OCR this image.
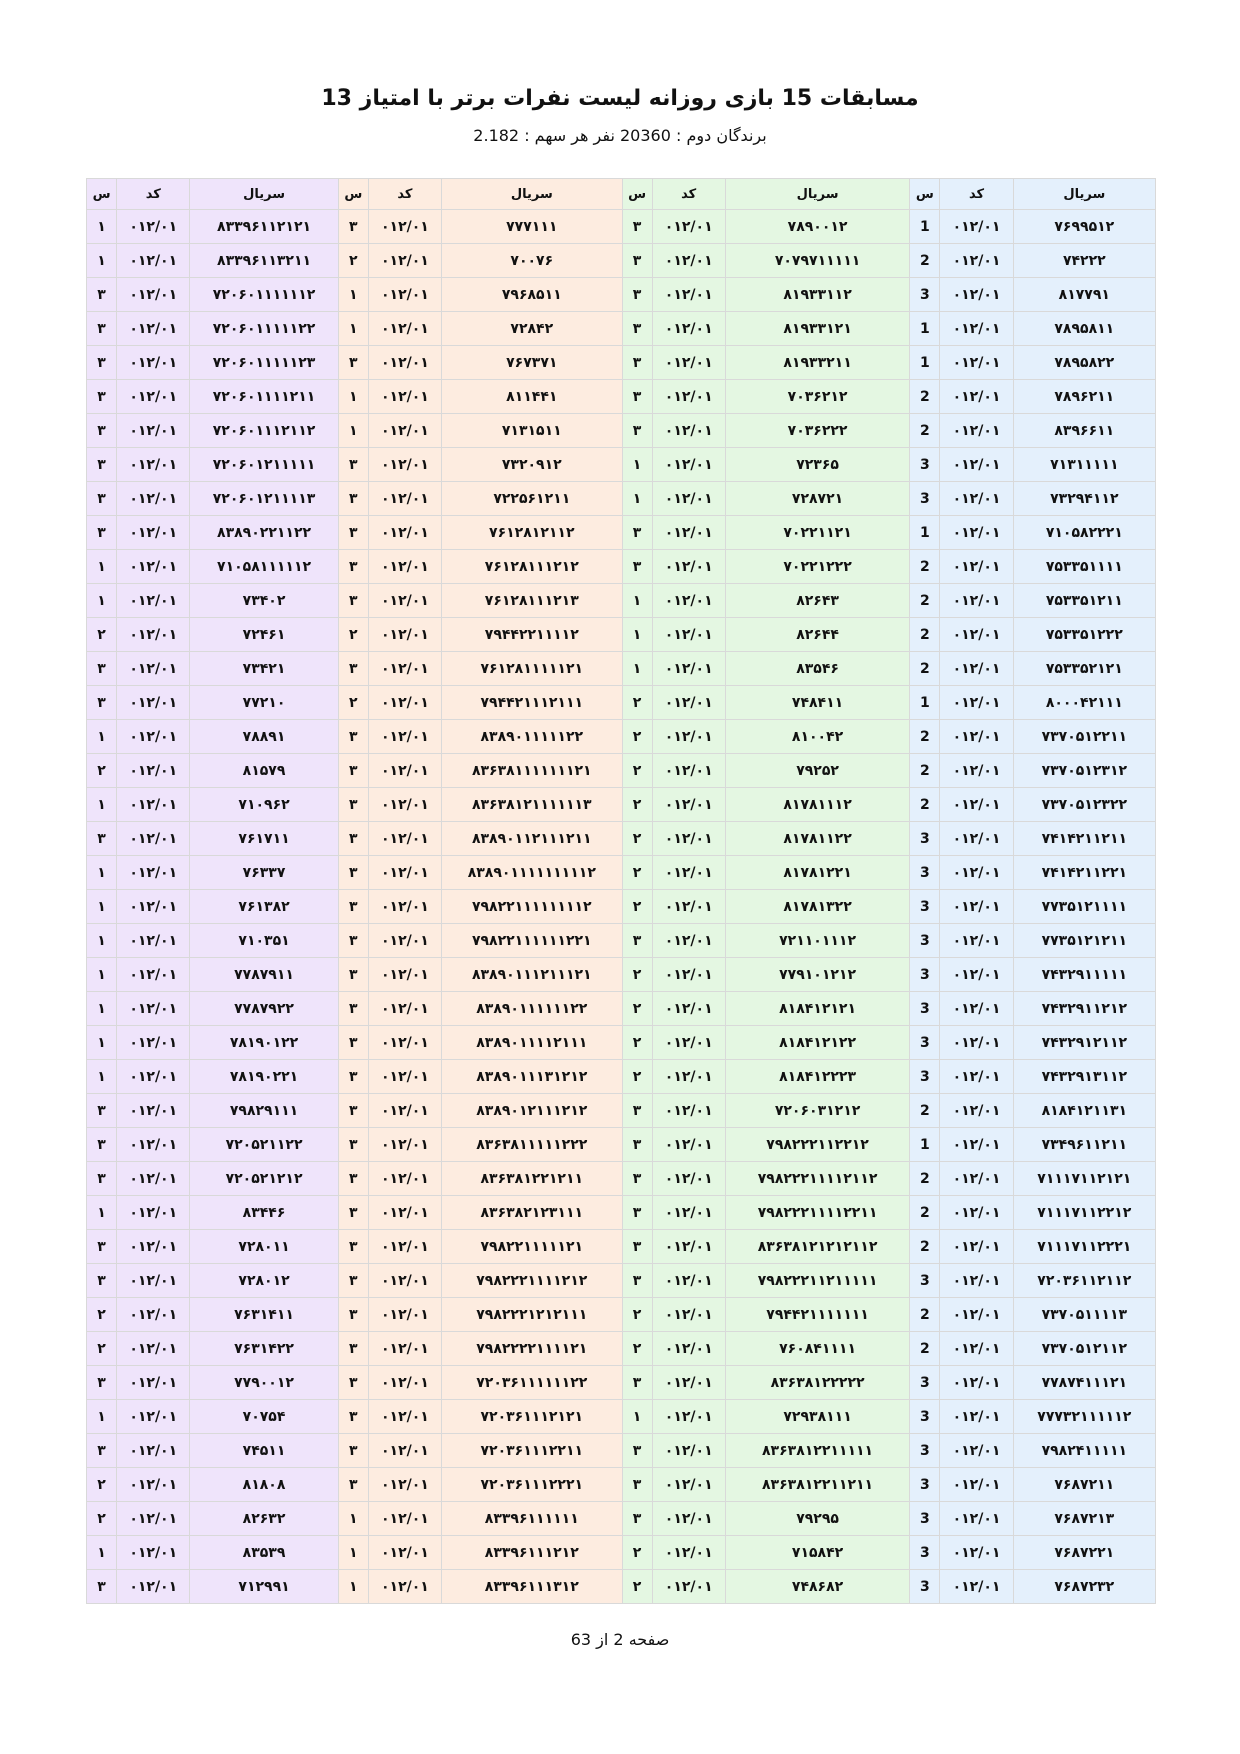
مسابقات 15 بازی روزانه لیست نفرات برتر با امتیاز 13
برندگان دوم : 20360 نفر هر سهم : 2.182
سریال	کد	س	سریال	کد	س	سریال	کد	س	سریال	کد	س
۷۶۹۹۵۱۲	۰۱۲/۰۱	1	۷۸۹۰۰۱۲	۰۱۲/۰۱	۳	۷۷۷۱۱۱	۰۱۲/۰۱	۳	۸۳۳۹۶۱۱۲۱۲۱	۰۱۲/۰۱	۱
۷۴۲۲۲	۰۱۲/۰۱	2	۷۰۷۹۷۱۱۱۱۱	۰۱۲/۰۱	۳	۷۰۰۷۶	۰۱۲/۰۱	۲	۸۳۳۹۶۱۱۳۲۱۱	۰۱۲/۰۱	۱
۸۱۷۷۹۱	۰۱۲/۰۱	3	۸۱۹۳۳۱۱۲	۰۱۲/۰۱	۳	۷۹۶۸۵۱۱	۰۱۲/۰۱	۱	۷۲۰۶۰۱۱۱۱۱۱۲	۰۱۲/۰۱	۳
۷۸۹۵۸۱۱	۰۱۲/۰۱	1	۸۱۹۳۳۱۲۱	۰۱۲/۰۱	۳	۷۲۸۴۲	۰۱۲/۰۱	۱	۷۲۰۶۰۱۱۱۱۱۲۲	۰۱۲/۰۱	۳
۷۸۹۵۸۲۲	۰۱۲/۰۱	1	۸۱۹۳۳۲۱۱	۰۱۲/۰۱	۳	۷۶۷۳۷۱	۰۱۲/۰۱	۳	۷۲۰۶۰۱۱۱۱۱۲۳	۰۱۲/۰۱	۳
۷۸۹۶۲۱۱	۰۱۲/۰۱	2	۷۰۳۶۲۱۲	۰۱۲/۰۱	۳	۸۱۱۴۴۱	۰۱۲/۰۱	۱	۷۲۰۶۰۱۱۱۱۲۱۱	۰۱۲/۰۱	۳
۸۳۹۶۶۱۱	۰۱۲/۰۱	2	۷۰۳۶۲۲۲	۰۱۲/۰۱	۳	۷۱۳۱۵۱۱	۰۱۲/۰۱	۱	۷۲۰۶۰۱۱۱۲۱۱۲	۰۱۲/۰۱	۳
۷۱۳۱۱۱۱۱	۰۱۲/۰۱	3	۷۲۳۶۵	۰۱۲/۰۱	۱	۷۳۲۰۹۱۲	۰۱۲/۰۱	۳	۷۲۰۶۰۱۲۱۱۱۱۱	۰۱۲/۰۱	۳
۷۳۲۹۴۱۱۲	۰۱۲/۰۱	3	۷۲۸۷۲۱	۰۱۲/۰۱	۱	۷۲۲۵۶۱۲۱۱	۰۱۲/۰۱	۳	۷۲۰۶۰۱۲۱۱۱۱۳	۰۱۲/۰۱	۳
۷۱۰۵۸۲۲۲۱	۰۱۲/۰۱	1	۷۰۲۲۱۱۲۱	۰۱۲/۰۱	۳	۷۶۱۲۸۱۲۱۱۲	۰۱۲/۰۱	۳	۸۳۸۹۰۲۲۱۱۲۲	۰۱۲/۰۱	۳
۷۵۳۳۵۱۱۱۱	۰۱۲/۰۱	2	۷۰۲۲۱۲۲۲	۰۱۲/۰۱	۳	۷۶۱۲۸۱۱۱۲۱۲	۰۱۲/۰۱	۳	۷۱۰۵۸۱۱۱۱۱۲	۰۱۲/۰۱	۱
۷۵۳۳۵۱۲۱۱	۰۱۲/۰۱	2	۸۲۶۴۳	۰۱۲/۰۱	۱	۷۶۱۲۸۱۱۱۲۱۳	۰۱۲/۰۱	۳	۷۳۴۰۲	۰۱۲/۰۱	۱
۷۵۳۳۵۱۲۲۲	۰۱۲/۰۱	2	۸۲۶۴۴	۰۱۲/۰۱	۱	۷۹۴۴۲۲۱۱۱۱۲	۰۱۲/۰۱	۲	۷۲۴۶۱	۰۱۲/۰۱	۲
۷۵۳۳۵۲۱۲۱	۰۱۲/۰۱	2	۸۳۵۴۶	۰۱۲/۰۱	۱	۷۶۱۲۸۱۱۱۱۱۲۱	۰۱۲/۰۱	۳	۷۳۴۲۱	۰۱۲/۰۱	۳
۸۰۰۰۴۲۱۱۱	۰۱۲/۰۱	1	۷۴۸۴۱۱	۰۱۲/۰۱	۲	۷۹۴۴۲۱۱۱۲۱۱۱	۰۱۲/۰۱	۲	۷۷۲۱۰	۰۱۲/۰۱	۳
۷۳۷۰۵۱۲۲۱۱	۰۱۲/۰۱	2	۸۱۰۰۴۲	۰۱۲/۰۱	۲	۸۳۸۹۰۱۱۱۱۱۲۲	۰۱۲/۰۱	۳	۷۸۸۹۱	۰۱۲/۰۱	۱
۷۳۷۰۵۱۲۳۱۲	۰۱۲/۰۱	2	۷۹۲۵۲	۰۱۲/۰۱	۲	۸۳۶۳۸۱۱۱۱۱۱۱۲۱	۰۱۲/۰۱	۳	۸۱۵۷۹	۰۱۲/۰۱	۲
۷۳۷۰۵۱۲۳۲۲	۰۱۲/۰۱	2	۸۱۷۸۱۱۱۲	۰۱۲/۰۱	۲	۸۳۶۳۸۱۲۱۱۱۱۱۱۳	۰۱۲/۰۱	۳	۷۱۰۹۶۲	۰۱۲/۰۱	۱
۷۴۱۴۲۱۱۲۱۱	۰۱۲/۰۱	3	۸۱۷۸۱۱۲۲	۰۱۲/۰۱	۲	۸۳۸۹۰۱۱۲۱۱۱۲۱۱	۰۱۲/۰۱	۳	۷۶۱۷۱۱	۰۱۲/۰۱	۳
۷۴۱۴۲۱۱۲۲۱	۰۱۲/۰۱	3	۸۱۷۸۱۲۲۱	۰۱۲/۰۱	۲	۸۳۸۹۰۱۱۱۱۱۱۱۱۱۲	۰۱۲/۰۱	۳	۷۶۳۳۷	۰۱۲/۰۱	۱
۷۷۳۵۱۲۱۱۱۱	۰۱۲/۰۱	3	۸۱۷۸۱۳۲۲	۰۱۲/۰۱	۲	۷۹۸۲۲۱۱۱۱۱۱۱۱۲	۰۱۲/۰۱	۳	۷۶۱۳۸۲	۰۱۲/۰۱	۱
۷۷۳۵۱۲۱۲۱۱	۰۱۲/۰۱	3	۷۲۱۱۰۱۱۱۲	۰۱۲/۰۱	۳	۷۹۸۲۲۱۱۱۱۱۱۲۲۱	۰۱۲/۰۱	۳	۷۱۰۳۵۱	۰۱۲/۰۱	۱
۷۴۳۲۹۱۱۱۱۱	۰۱۲/۰۱	3	۷۷۹۱۰۱۲۱۲	۰۱۲/۰۱	۲	۸۳۸۹۰۱۱۱۲۱۱۱۲۱	۰۱۲/۰۱	۳	۷۷۸۷۹۱۱	۰۱۲/۰۱	۱
۷۴۳۲۹۱۱۲۱۲	۰۱۲/۰۱	3	۸۱۸۴۱۲۱۲۱	۰۱۲/۰۱	۲	۸۳۸۹۰۱۱۱۱۱۱۲۲	۰۱۲/۰۱	۳	۷۷۸۷۹۲۲	۰۱۲/۰۱	۱
۷۴۳۲۹۱۲۱۱۲	۰۱۲/۰۱	3	۸۱۸۴۱۲۱۲۲	۰۱۲/۰۱	۲	۸۳۸۹۰۱۱۱۱۲۱۱۱	۰۱۲/۰۱	۳	۷۸۱۹۰۱۲۲	۰۱۲/۰۱	۱
۷۴۳۲۹۱۳۱۱۲	۰۱۲/۰۱	3	۸۱۸۴۱۲۲۲۳	۰۱۲/۰۱	۲	۸۳۸۹۰۱۱۱۳۱۲۱۲	۰۱۲/۰۱	۳	۷۸۱۹۰۲۲۱	۰۱۲/۰۱	۱
۸۱۸۴۱۲۱۱۳۱	۰۱۲/۰۱	2	۷۲۰۶۰۳۱۲۱۲	۰۱۲/۰۱	۳	۸۳۸۹۰۱۲۱۱۱۲۱۲	۰۱۲/۰۱	۳	۷۹۸۲۹۱۱۱	۰۱۲/۰۱	۳
۷۳۴۹۶۱۱۲۱۱	۰۱۲/۰۱	1	۷۹۸۲۲۲۱۱۲۲۱۲	۰۱۲/۰۱	۳	۸۳۶۳۸۱۱۱۱۱۲۲۲	۰۱۲/۰۱	۳	۷۲۰۵۲۱۱۲۲	۰۱۲/۰۱	۳
۷۱۱۱۷۱۱۲۱۲۱	۰۱۲/۰۱	2	۷۹۸۲۲۲۱۱۱۱۲۱۱۲	۰۱۲/۰۱	۳	۸۳۶۳۸۱۲۲۱۲۱۱	۰۱۲/۰۱	۳	۷۲۰۵۲۱۲۱۲	۰۱۲/۰۱	۳
۷۱۱۱۷۱۱۲۲۱۲	۰۱۲/۰۱	2	۷۹۸۲۲۲۱۱۱۱۲۲۱۱	۰۱۲/۰۱	۳	۸۳۶۳۸۲۱۲۳۱۱۱	۰۱۲/۰۱	۳	۸۳۴۴۶	۰۱۲/۰۱	۱
۷۱۱۱۷۱۱۲۲۲۱	۰۱۲/۰۱	2	۸۳۶۳۸۱۲۱۲۱۲۱۱۲	۰۱۲/۰۱	۳	۷۹۸۲۲۱۱۱۱۱۲۱	۰۱۲/۰۱	۳	۷۲۸۰۱۱	۰۱۲/۰۱	۳
۷۲۰۳۶۱۱۲۱۱۲	۰۱۲/۰۱	3	۷۹۸۲۲۲۱۱۲۱۱۱۱۱	۰۱۲/۰۱	۳	۷۹۸۲۲۲۱۱۱۱۲۱۲	۰۱۲/۰۱	۳	۷۲۸۰۱۲	۰۱۲/۰۱	۳
۷۳۷۰۵۱۱۱۱۳	۰۱۲/۰۱	2	۷۹۴۴۲۱۱۱۱۱۱۱	۰۱۲/۰۱	۲	۷۹۸۲۲۲۱۲۱۲۱۱۱	۰۱۲/۰۱	۳	۷۶۳۱۴۱۱	۰۱۲/۰۱	۲
۷۳۷۰۵۱۲۱۱۲	۰۱۲/۰۱	2	۷۶۰۸۴۱۱۱۱	۰۱۲/۰۱	۲	۷۹۸۲۲۲۲۱۱۱۱۲۱	۰۱۲/۰۱	۳	۷۶۳۱۴۲۲	۰۱۲/۰۱	۲
۷۷۸۷۴۱۱۱۲۱	۰۱۲/۰۱	3	۸۳۶۳۸۱۲۲۲۲۲	۰۱۲/۰۱	۳	۷۲۰۳۶۱۱۱۱۱۱۲۲	۰۱۲/۰۱	۳	۷۷۹۰۰۱۲	۰۱۲/۰۱	۳
۷۷۷۳۲۱۱۱۱۱۲	۰۱۲/۰۱	3	۷۲۹۳۸۱۱۱	۰۱۲/۰۱	۱	۷۲۰۳۶۱۱۱۲۱۲۱	۰۱۲/۰۱	۳	۷۰۷۵۴	۰۱۲/۰۱	۱
۷۹۸۲۴۱۱۱۱۱	۰۱۲/۰۱	3	۸۳۶۳۸۱۲۲۱۱۱۱۱	۰۱۲/۰۱	۳	۷۲۰۳۶۱۱۱۲۲۱۱	۰۱۲/۰۱	۳	۷۴۵۱۱	۰۱۲/۰۱	۳
۷۶۸۷۲۱۱	۰۱۲/۰۱	3	۸۳۶۳۸۱۲۲۱۱۲۱۱	۰۱۲/۰۱	۳	۷۲۰۳۶۱۱۱۲۲۲۱	۰۱۲/۰۱	۳	۸۱۸۰۸	۰۱۲/۰۱	۲
۷۶۸۷۲۱۳	۰۱۲/۰۱	3	۷۹۲۹۵	۰۱۲/۰۱	۳	۸۳۳۹۶۱۱۱۱۱۱	۰۱۲/۰۱	۱	۸۲۶۳۲	۰۱۲/۰۱	۲
۷۶۸۷۲۲۱	۰۱۲/۰۱	3	۷۱۵۸۴۲	۰۱۲/۰۱	۲	۸۳۳۹۶۱۱۱۲۱۲	۰۱۲/۰۱	۱	۸۳۵۳۹	۰۱۲/۰۱	۱
۷۶۸۷۲۳۲	۰۱۲/۰۱	3	۷۴۸۶۸۲	۰۱۲/۰۱	۲	۸۳۳۹۶۱۱۱۳۱۲	۰۱۲/۰۱	۱	۷۱۲۹۹۱	۰۱۲/۰۱	۳
صفحه 2 از 63
